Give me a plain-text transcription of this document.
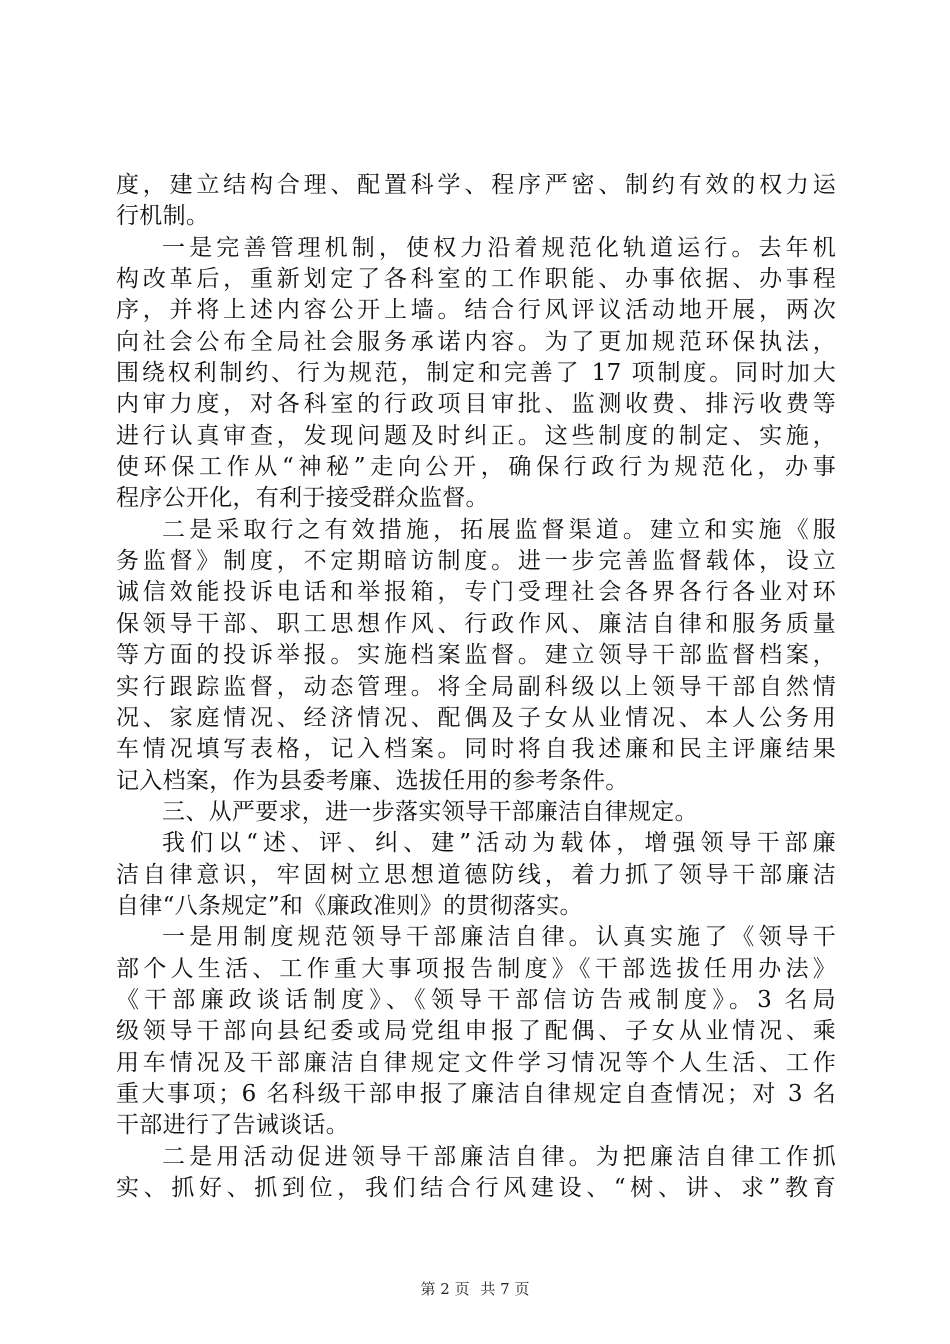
度，建立结构合理、配置科学、程序严密、制约有效的权力运
行机制。
一是完善管理机制，使权力沿着规范化轨道运行。去年机
构改革后，重新划定了各科室的工作职能、办事依据、办事程
序，并将上述内容公开上墙。结合行风评议活动地开展，两次
向社会公布全局社会服务承诺内容。为了更加规范环保执法，
围绕权利制约、行为规范，制定和完善了 17 项制度。同时加大
内审力度，对各科室的行政项目审批、监测收费、排污收费等
进行认真审查，发现问题及时纠正。这些制度的制定、实施，
使环保工作从“神秘”走向公开，确保行政行为规范化，办事
程序公开化，有利于接受群众监督。
二是采取行之有效措施，拓展监督渠道。建立和实施《服
务监督》制度，不定期暗访制度。进一步完善监督载体，设立
诚信效能投诉电话和举报箱，专门受理社会各界各行各业对环
保领导干部、职工思想作风、行政作风、廉洁自律和服务质量
等方面的投诉举报。实施档案监督。建立领导干部监督档案，
实行跟踪监督，动态管理。将全局副科级以上领导干部自然情
况、家庭情况、经济情况、配偶及子女从业情况、本人公务用
车情况填写表格，记入档案。同时将自我述廉和民主评廉结果
记入档案，作为县委考廉、选拔任用的参考条件。
三、从严要求，进一步落实领导干部廉洁自律规定。
我们以“述、评、纠、建”活动为载体，增强领导干部廉
洁自律意识，牢固树立思想道德防线，着力抓了领导干部廉洁
自律“八条规定”和《廉政准则》的贯彻落实。
一是用制度规范领导干部廉洁自律。认真实施了《领导干
部个人生活、工作重大事项报告制度》《干部选拔任用办法》
《干部廉政谈话制度》、《领导干部信访告戒制度》。3 名局
级领导干部向县纪委或局党组申报了配偶、子女从业情况、乘
用车情况及干部廉洁自律规定文件学习情况等个人生活、工作
重大事项；6 名科级干部申报了廉洁自律规定自查情况；对 3 名
干部进行了告诫谈话。
二是用活动促进领导干部廉洁自律。为把廉洁自律工作抓
实、抓好、抓到位，我们结合行风建设、“树、讲、求”教育
第 2 页 共 7 页
